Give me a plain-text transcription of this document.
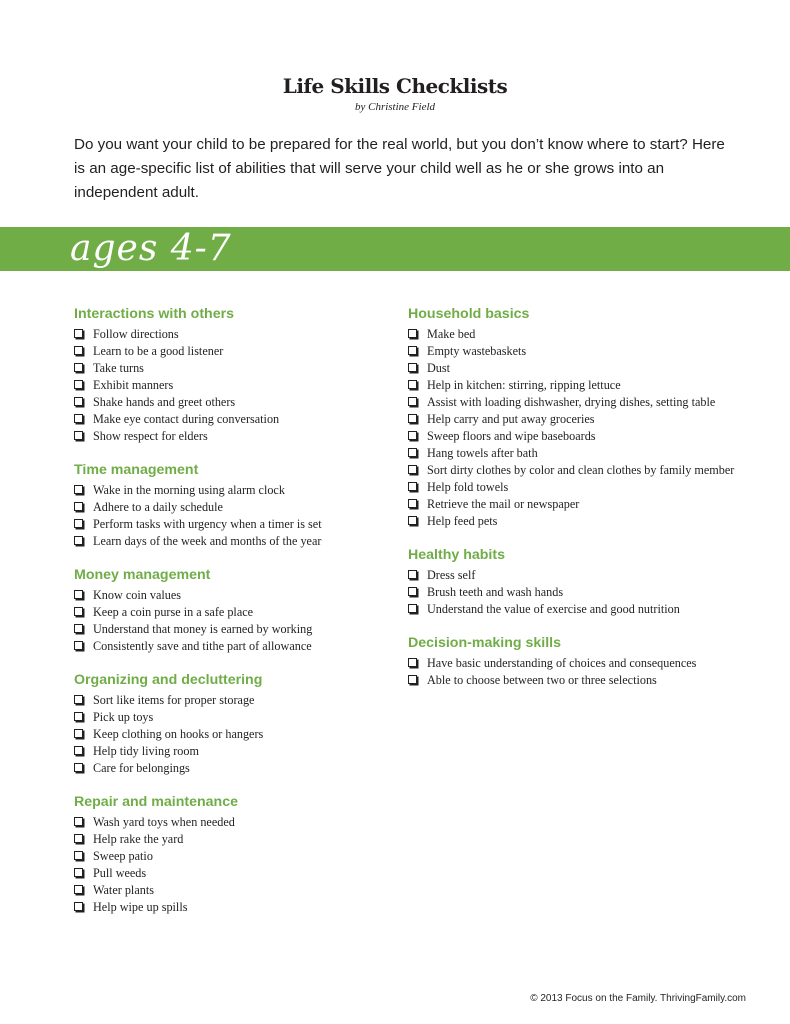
Life Skills Checklists
by Christine Field

Do you want your child to be prepared for the real world, but you don’t know where to start? Here is an age-specific list of abilities that will serve your child well as he or she grows into an independent adult.

ages 4-7
Interactions with others
Follow directions
Learn to be a good listener
Take turns
Exhibit manners
Shake hands and greet others
Make eye contact during conversation
Show respect for elders
Time management
Wake in the morning using alarm clock
Adhere to a daily schedule
Perform tasks with urgency when a timer is set
Learn days of the week and months of the year
Money management
Know coin values
Keep a coin purse in a safe place
Understand that money is earned by working
Consistently save and tithe part of allowance
Organizing and decluttering
Sort like items for proper storage
Pick up toys
Keep clothing on hooks or hangers
Help tidy living room
Care for belongings
Repair and maintenance
Wash yard toys when needed
Help rake the yard
Sweep patio
Pull weeds
Water plants
Help wipe up spills
Household basics
Make bed
Empty wastebaskets
Dust
Help in kitchen: stirring, ripping lettuce
Assist with loading dishwasher, drying dishes, setting table
Help carry and put away groceries
Sweep floors and wipe baseboards
Hang towels after bath
Sort dirty clothes by color and clean clothes by family member
Help fold towels
Retrieve the mail or newspaper
Help feed pets
Healthy habits
Dress self
Brush teeth and wash hands
Understand the value of exercise and good nutrition
Decision-making skills
Have basic understanding of choices and consequences
Able to choose between two or three selections
© 2013 Focus on the Family. ThrivingFamily.com
